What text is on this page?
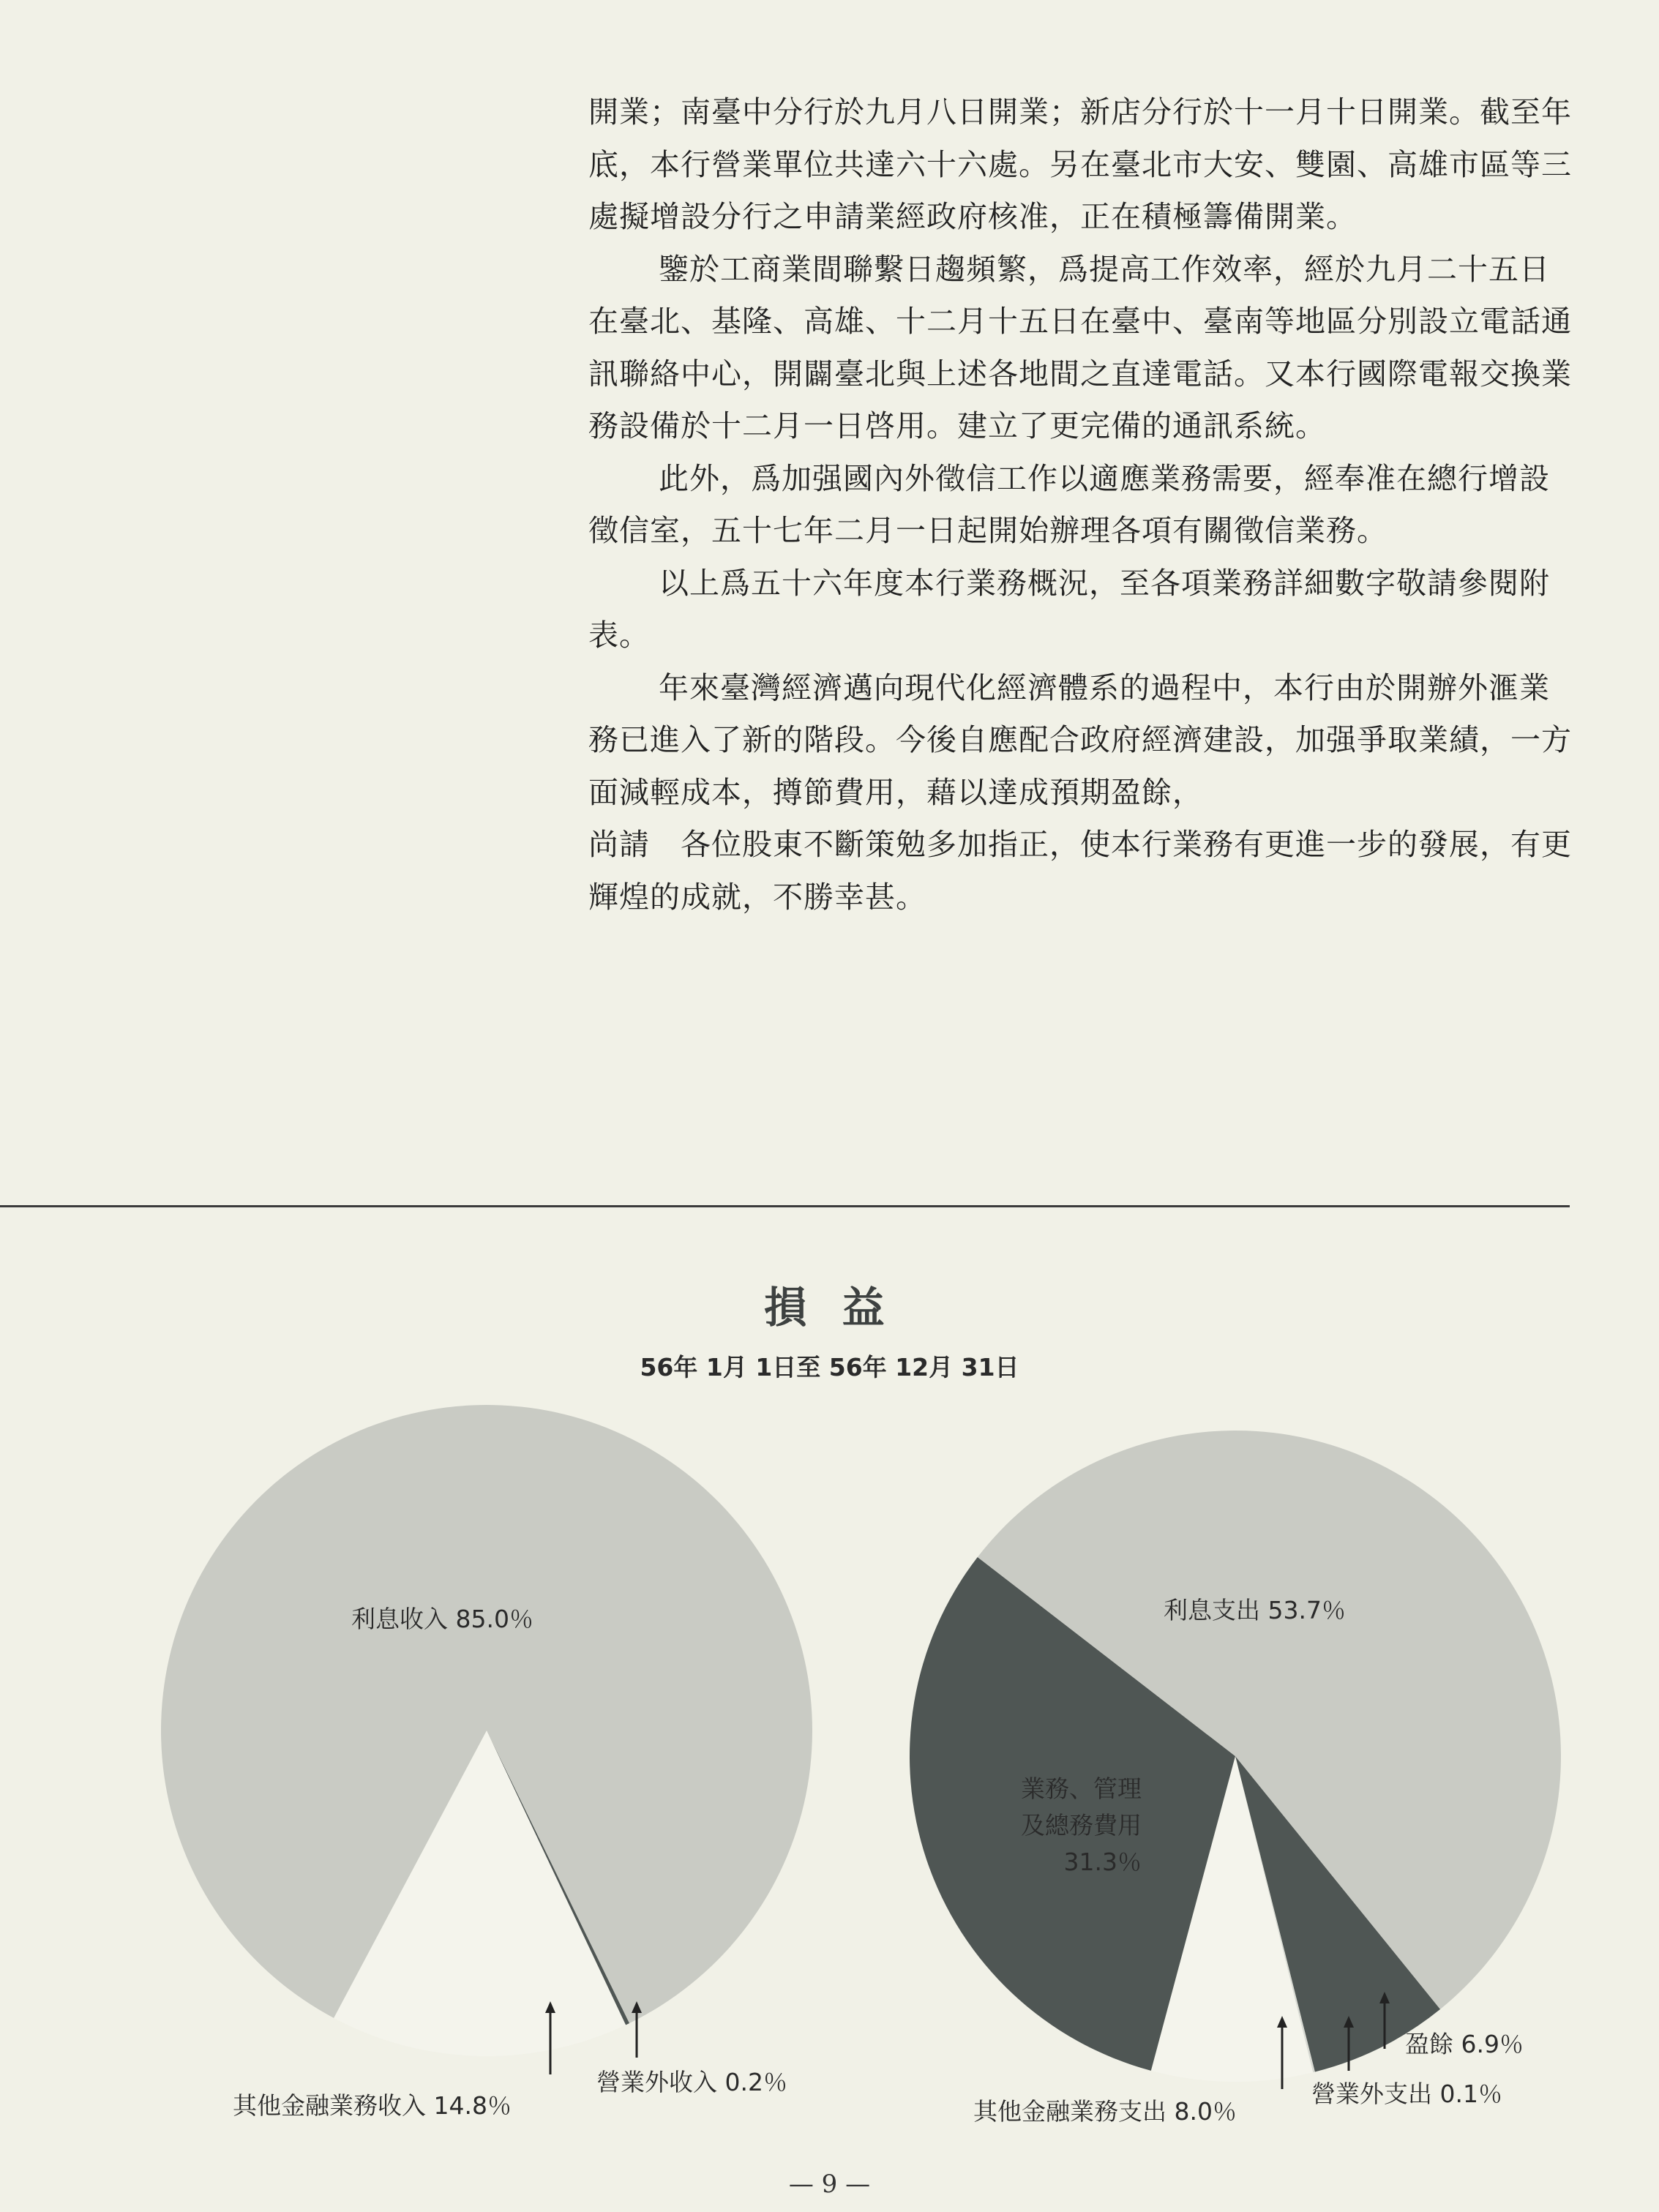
開業；南臺中分行於九月八日開業；新店分行於十一月十日開業。截至年底，本行營業單位共達六十六處。另在臺北市大安、雙園、高雄市區等三處擬增設分行之申請業經政府核准，正在積極籌備開業。

鑒於工商業間聯繫日趨頻繁，爲提高工作效率，經於九月二十五日在臺北、基隆、高雄、十二月十五日在臺中、臺南等地區分別設立電話通訊聯絡中心，開闢臺北與上述各地間之直達電話。又本行國際電報交換業務設備於十二月一日啓用。建立了更完備的通訊系統。

此外，爲加强國內外徵信工作以適應業務需要，經奉准在總行增設徵信室，五十七年二月一日起開始辦理各項有關徵信業務。

以上爲五十六年度本行業務概況，至各項業務詳細數字敬請參閱附表。

年來臺灣經濟邁向現代化經濟體系的過程中，本行由於開辦外滙業務已進入了新的階段。今後自應配合政府經濟建設，加强爭取業績，一方面減輕成本，撙節費用，藉以達成預期盈餘，

尚請　各位股東不斷策勉多加指正，使本行業務有更進一步的發展，有更輝煌的成就，不勝幸甚。

損 益
56年 1月 1日至 56年 12月 31日
利息收入 85.0％
其他金融業務收入 14.8％
營業外收入 0.2％
利息支出 53.7％
業務、管理
及總務費用
31.3％
盈餘 6.9％
營業外支出 0.1％
其他金融業務支出 8.0％
— 9 —
